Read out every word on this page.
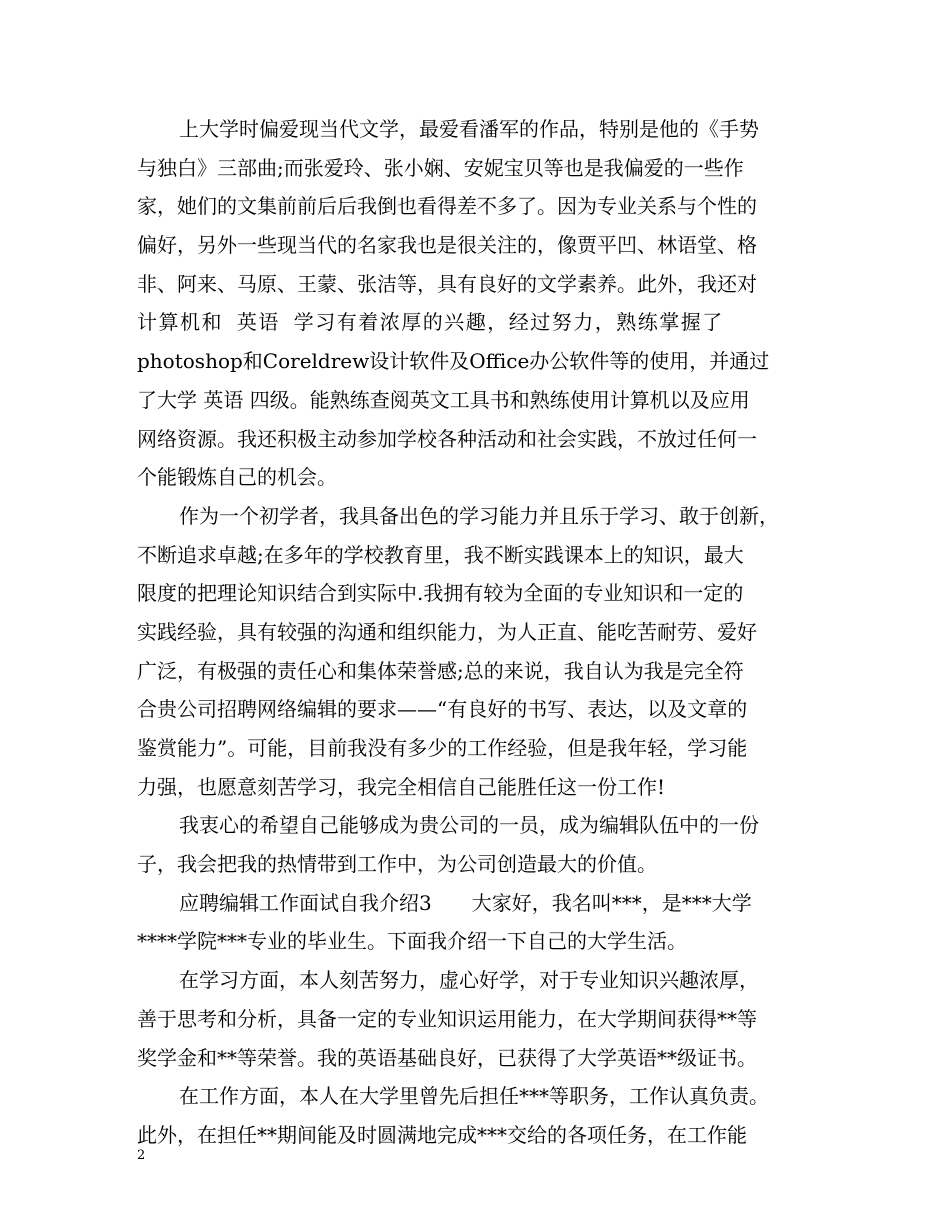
上大学时偏爱现当代文学，最爱看潘军的作品，特别是他的《手势
与独白》三部曲;而张爱玲、张小娴、安妮宝贝等也是我偏爱的一些作
家，她们的文集前前后后我倒也看得差不多了。因为专业关系与个性的
偏好，另外一些现当代的名家我也是很关注的，像贾平凹、林语堂、格
非、阿来、马原、王蒙、张洁等，具有良好的文学素养。此外，我还对
计算机和 英语 学习有着浓厚的兴趣，经过努力，熟练掌握了
photoshop和Coreldrew设计软件及Office办公软件等的使用，并通过
了大学 英语 四级。能熟练查阅英文工具书和熟练使用计算机以及应用
网络资源。我还积极主动参加学校各种活动和社会实践，不放过任何一
个能锻炼自己的机会。
作为一个初学者，我具备出色的学习能力并且乐于学习、敢于创新，
不断追求卓越;在多年的学校教育里，我不断实践课本上的知识，最大
限度的把理论知识结合到实际中.我拥有较为全面的专业知识和一定的
实践经验，具有较强的沟通和组织能力，为人正直、能吃苦耐劳、爱好
广泛，有极强的责任心和集体荣誉感;总的来说，我自认为我是完全符
合贵公司招聘网络编辑的要求——“有良好的书写、表达，以及文章的
鉴赏能力”。可能，目前我没有多少的工作经验，但是我年轻，学习能
力强，也愿意刻苦学习，我完全相信自己能胜任这一份工作!
我衷心的希望自己能够成为贵公司的一员，成为编辑队伍中的一份
子，我会把我的热情带到工作中，为公司创造最大的价值。
应聘编辑工作面试自我介绍3　　大家好，我名叫***，是***大学
****学院***专业的毕业生。下面我介绍一下自己的大学生活。
在学习方面，本人刻苦努力，虚心好学，对于专业知识兴趣浓厚，
善于思考和分析，具备一定的专业知识运用能力，在大学期间获得**等
奖学金和**等荣誉。我的英语基础良好，已获得了大学英语**级证书。
在工作方面，本人在大学里曾先后担任***等职务，工作认真负责。
此外，在担任**期间能及时圆满地完成***交给的各项任务，在工作能
2
